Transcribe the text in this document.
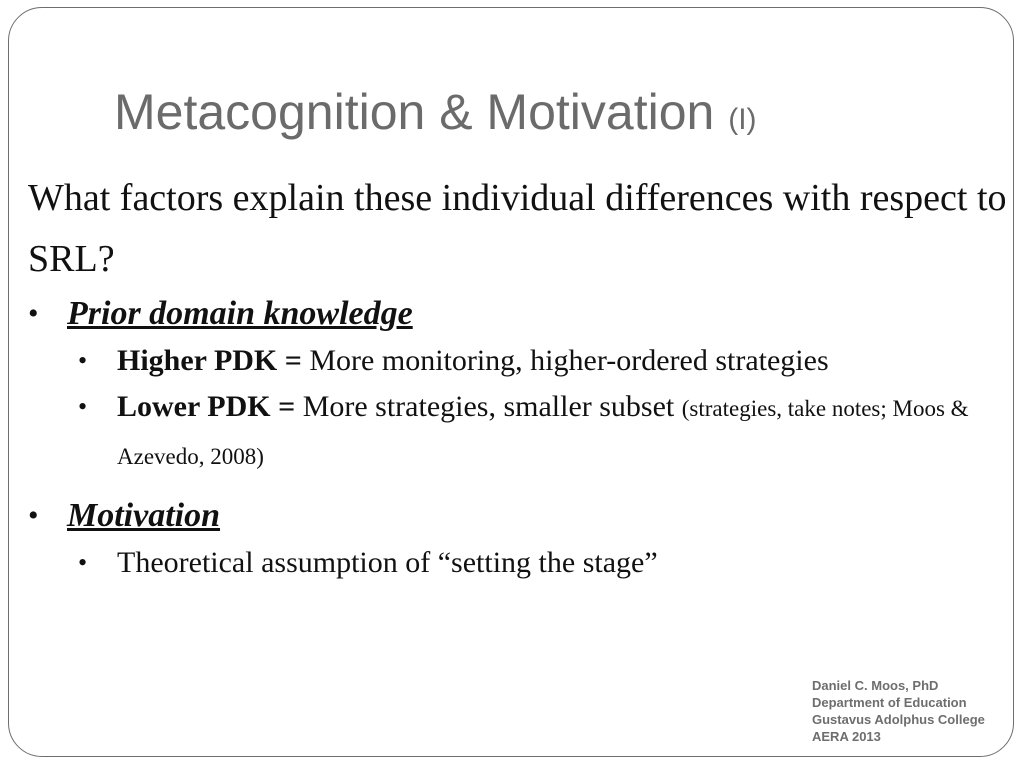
Metacognition & Motivation (I)

What factors explain these individual differences with respect to SRL?

• Prior domain knowledge
• Higher PDK = More monitoring, higher-ordered strategies
• Lower PDK = More strategies, smaller subset (strategies, take notes; Moos & Azevedo, 2008)
• Motivation
• Theoretical assumption of “setting the stage”
Daniel C. Moos, PhD
Department of Education
Gustavus Adolphus College
AERA 2013
